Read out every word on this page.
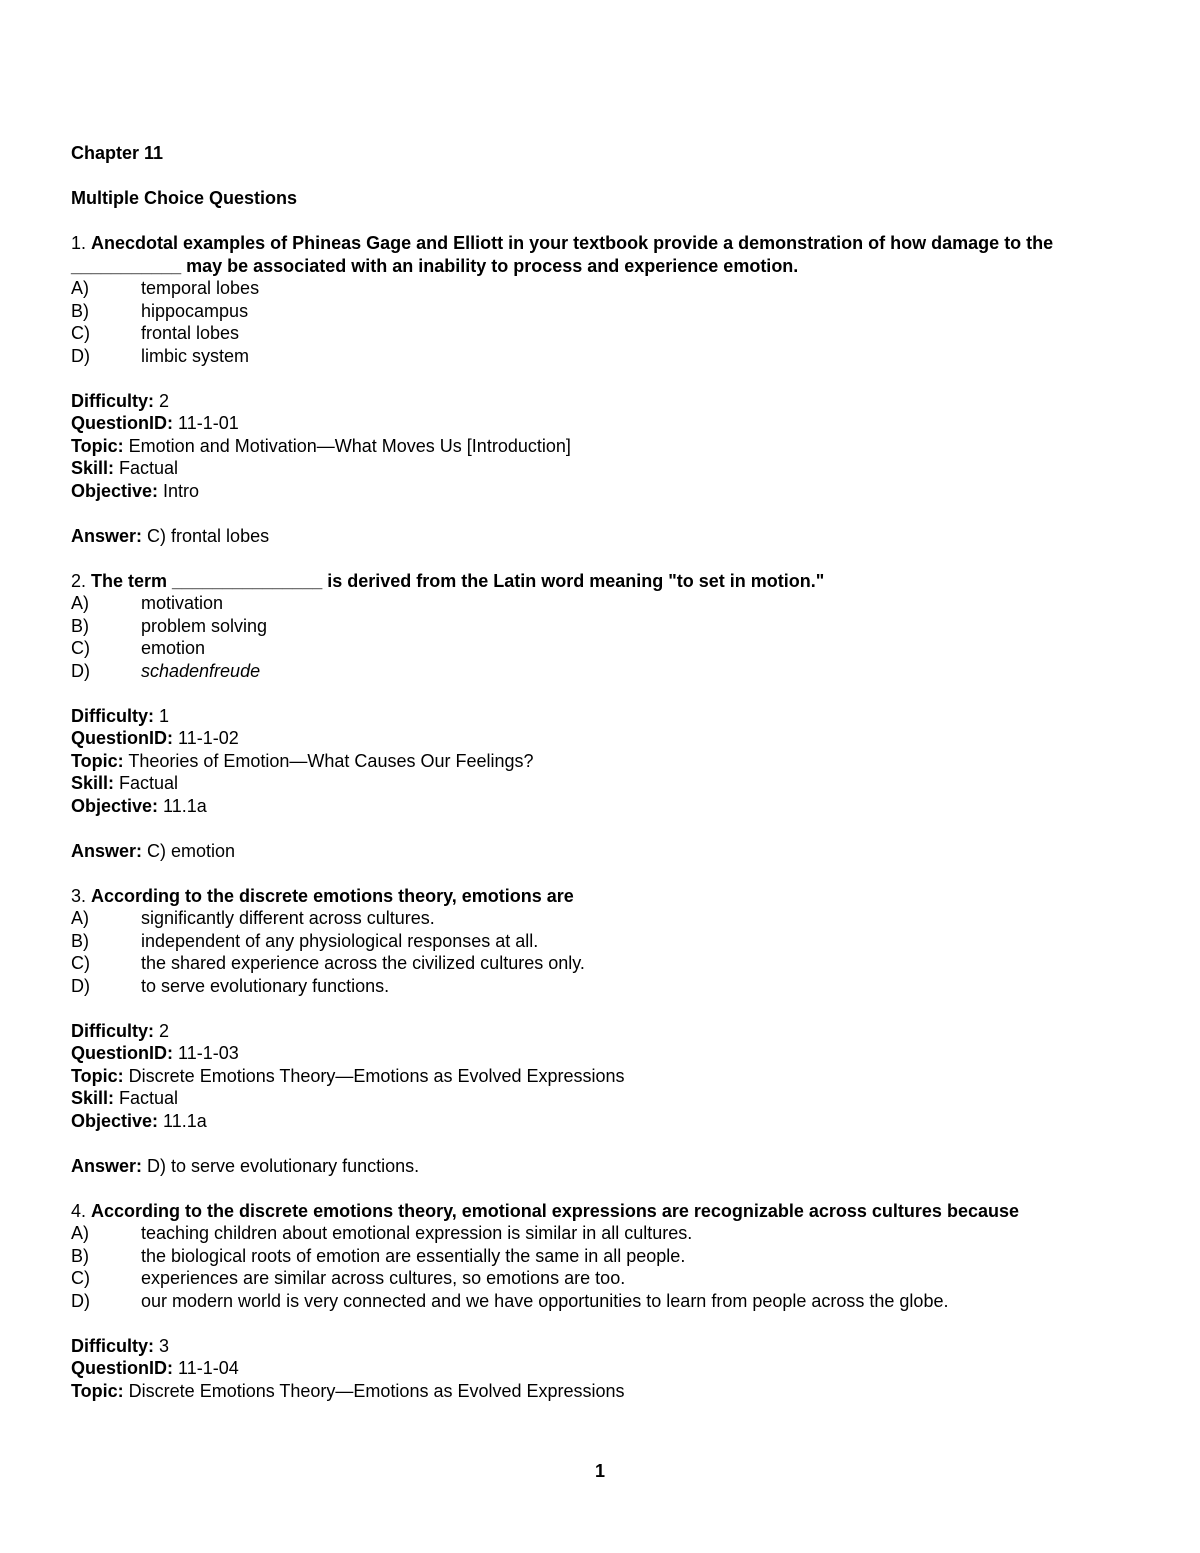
Chapter 11
Multiple Choice Questions
1. Anecdotal examples of Phineas Gage and Elliott in your textbook provide a demonstration of how damage to the ___________ may be associated with an inability to process and experience emotion.
A)	temporal lobes
B)	hippocampus
C)	frontal lobes
D)	limbic system
Difficulty: 2
QuestionID: 11-1-01
Topic: Emotion and Motivation—What Moves Us [Introduction]
Skill: Factual
Objective: Intro
Answer: C) frontal lobes
2. The term _______________ is derived from the Latin word meaning "to set in motion."
A)	motivation
B)	problem solving
C)	emotion
D)	schadenfreude
Difficulty: 1
QuestionID: 11-1-02
Topic: Theories of Emotion—What Causes Our Feelings?
Skill: Factual
Objective: 11.1a
Answer: C) emotion
3. According to the discrete emotions theory, emotions are
A)	significantly different across cultures.
B)	independent of any physiological responses at all.
C)	the shared experience across the civilized cultures only.
D)	to serve evolutionary functions.
Difficulty: 2
QuestionID: 11-1-03
Topic: Discrete Emotions Theory—Emotions as Evolved Expressions
Skill: Factual
Objective: 11.1a
Answer: D) to serve evolutionary functions.
4. According to the discrete emotions theory, emotional expressions are recognizable across cultures because
A)	teaching children about emotional expression is similar in all cultures.
B)	the biological roots of emotion are essentially the same in all people.
C)	experiences are similar across cultures, so emotions are too.
D)	our modern world is very connected and we have opportunities to learn from people across the globe.
Difficulty: 3
QuestionID: 11-1-04
Topic: Discrete Emotions Theory—Emotions as Evolved Expressions
1
